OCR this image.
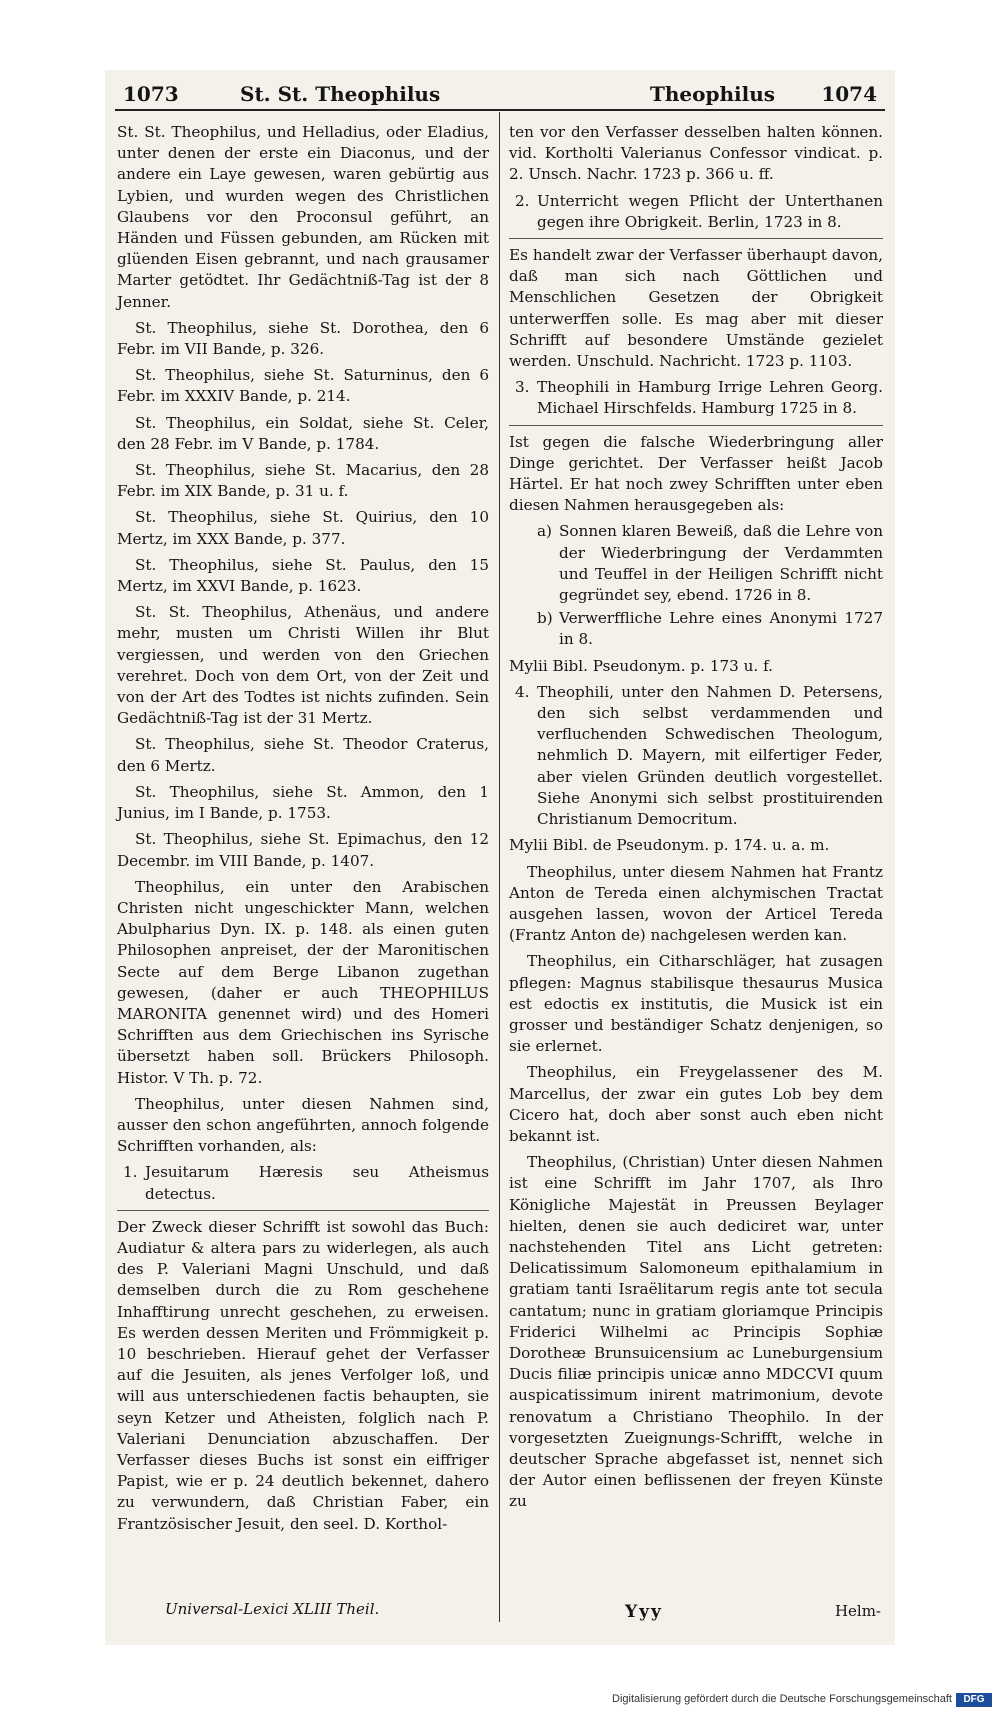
1073	St. St. Theophilus	Theophilus 1074

St. St. Theophilus, und Helladius, oder Eladius, unter denen der erste ein Diaconus, und der andere ein Laye gewesen, waren gebürtig aus Lybien, und wurden wegen des Christlichen Glaubens vor den Proconsul geführt, an Händen und Füssen gebunden, am Rücken mit glüenden Eisen gebrannt, und nach grausamer Marter getödtet. Ihr Gedächtniß-Tag ist der 8 Jenner.

St. Theophilus, siehe St. Dorothea, den 6 Febr. im VII Bande, p. 326.

St. Theophilus, siehe St. Saturninus, den 6 Febr. im XXXIV Bande, p. 214.

St. Theophilus, ein Soldat, siehe St. Celer, den 28 Febr. im V Bande, p. 1784.

St. Theophilus, siehe St. Macarius, den 28 Febr. im XIX Bande, p. 31 u. f.

St. Theophilus, siehe St. Quirius, den 10 Mertz, im XXX Bande, p. 377.

St. Theophilus, siehe St. Paulus, den 15 Mertz, im XXVI Bande, p. 1623.

St. St. Theophilus, Athenäus, und andere mehr, musten um Christi Willen ihr Blut vergiessen, und werden von den Griechen verehret. Doch von dem Ort, von der Zeit und von der Art des Todtes ist nichts zufinden. Sein Gedächtniß-Tag ist der 31 Mertz.

St. Theophilus, siehe St. Theodor Craterus, den 6 Mertz.

St. Theophilus, siehe St. Ammon, den 1 Junius, im I Bande, p. 1753.

St. Theophilus, siehe St. Epimachus, den 12 Decembr. im VIII Bande, p. 1407.

Theophilus, ein unter den Arabischen Christen nicht ungeschickter Mann, welchen Abulpharius Dyn. IX. p. 148. als einen guten Philosophen anpreiset, der der Maronitischen Secte auf dem Berge Libanon zugethan gewesen, (daher er auch THEOPHILUS MARONITA genennet wird) und des Homeri Schrifften aus dem Griechischen ins Syrische übersetzt haben soll. Brückers Philosoph. Histor. V Th. p. 72.

Theophilus, unter diesen Nahmen sind, ausser den schon angeführten, annoch folgende Schrifften vorhanden, als:

1. Jesuitarum Hæresis seu Atheismus detectus.

Der Zweck dieser Schrifft ist sowohl das Buch: Audiatur & altera pars zu widerlegen, als auch des P. Valeriani Magni Unschuld, und daß demselben durch die zu Rom geschehene Inhafftirung unrecht geschehen, zu erweisen. Es werden dessen Meriten und Frömmigkeit p. 10 beschrieben. Hierauf gehet der Verfasser auf die Jesuiten, als jenes Verfolger loß, und will aus unterschiedenen factis behaupten, sie seyn Ketzer und Atheisten, folglich nach P. Valeriani Denunciation abzuschaffen. Der Verfasser dieses Buchs ist sonst ein eiffriger Papist, wie er p. 24 deutlich bekennet, dahero zu verwundern, daß Christian Faber, ein Frantzösischer Jesuit, den seel. D. Korthol-

ten vor den Verfasser desselben halten können. vid. Kortholti Valerianus Confessor vindicat. p. 2. Unsch. Nachr. 1723 p. 366 u. ff.

2. Unterricht wegen Pflicht der Unterthanen gegen ihre Obrigkeit. Berlin, 1723 in 8.

Es handelt zwar der Verfasser überhaupt davon, daß man sich nach Göttlichen und Menschlichen Gesetzen der Obrigkeit unterwerffen solle. Es mag aber mit dieser Schrifft auf besondere Umstände gezielet werden. Unschuld. Nachricht. 1723 p. 1103.

3. Theophili in Hamburg Irrige Lehren Georg. Michael Hirschfelds. Hamburg 1725 in 8.

Ist gegen die falsche Wiederbringung aller Dinge gerichtet. Der Verfasser heißt Jacob Härtel. Er hat noch zwey Schrifften unter eben diesen Nahmen herausgegeben als:

a) Sonnen klaren Beweiß, daß die Lehre von der Wiederbringung der Verdammten und Teuffel in der Heiligen Schrifft nicht gegründet sey, ebend. 1726 in 8.

b) Verwerffliche Lehre eines Anonymi 1727 in 8.

Mylii Bibl. Pseudonym. p. 173 u. f.

4. Theophili, unter den Nahmen D. Petersens, den sich selbst verdammenden und verfluchenden Schwedischen Theologum, nehmlich D. Mayern, mit eilfertiger Feder, aber vielen Gründen deutlich vorgestellet. Siehe Anonymi sich selbst prostituirenden Christianum Democritum.

Mylii Bibl. de Pseudonym. p. 174. u. a. m.

Theophilus, unter diesem Nahmen hat Frantz Anton de Tereda einen alchymischen Tractat ausgehen lassen, wovon der Articel Tereda (Frantz Anton de) nachgelesen werden kan.

Theophilus, ein Citharschläger, hat zusagen pflegen: Magnus stabilisque thesaurus Musica est edoctis ex institutis, die Musick ist ein grosser und beständiger Schatz denjenigen, so sie erlernet.

Theophilus, ein Freygelassener des M. Marcellus, der zwar ein gutes Lob bey dem Cicero hat, doch aber sonst auch eben nicht bekannt ist.

Theophilus, (Christian) Unter diesen Nahmen ist eine Schrifft im Jahr 1707, als Ihro Königliche Majestät in Preussen Beylager hielten, denen sie auch dediciret war, unter nachstehenden Titel ans Licht getreten: Delicatissimum Salomoneum epithalamium in gratiam tanti Israëlitarum regis ante tot secula cantatum; nunc in gratiam gloriamque Principis Friderici Wilhelmi ac Principis Sophiæ Dorotheæ Brunsuicensium ac Luneburgensium Ducis filiæ principis unicæ anno MDCCVI quum auspicatissimum inirent matrimonium, devote renovatum a Christiano Theophilo. In der vorgesetzten Zueignungs-Schrifft, welche in deutscher Sprache abgefasset ist, nennet sich der Autor einen beflissenen der freyen Künste zu

Universal-Lexici XLIII Theil.	Yyy	Helm-
Digitalisierung gefördert durch die Deutsche Forschungsgemeinschaft	DFG
